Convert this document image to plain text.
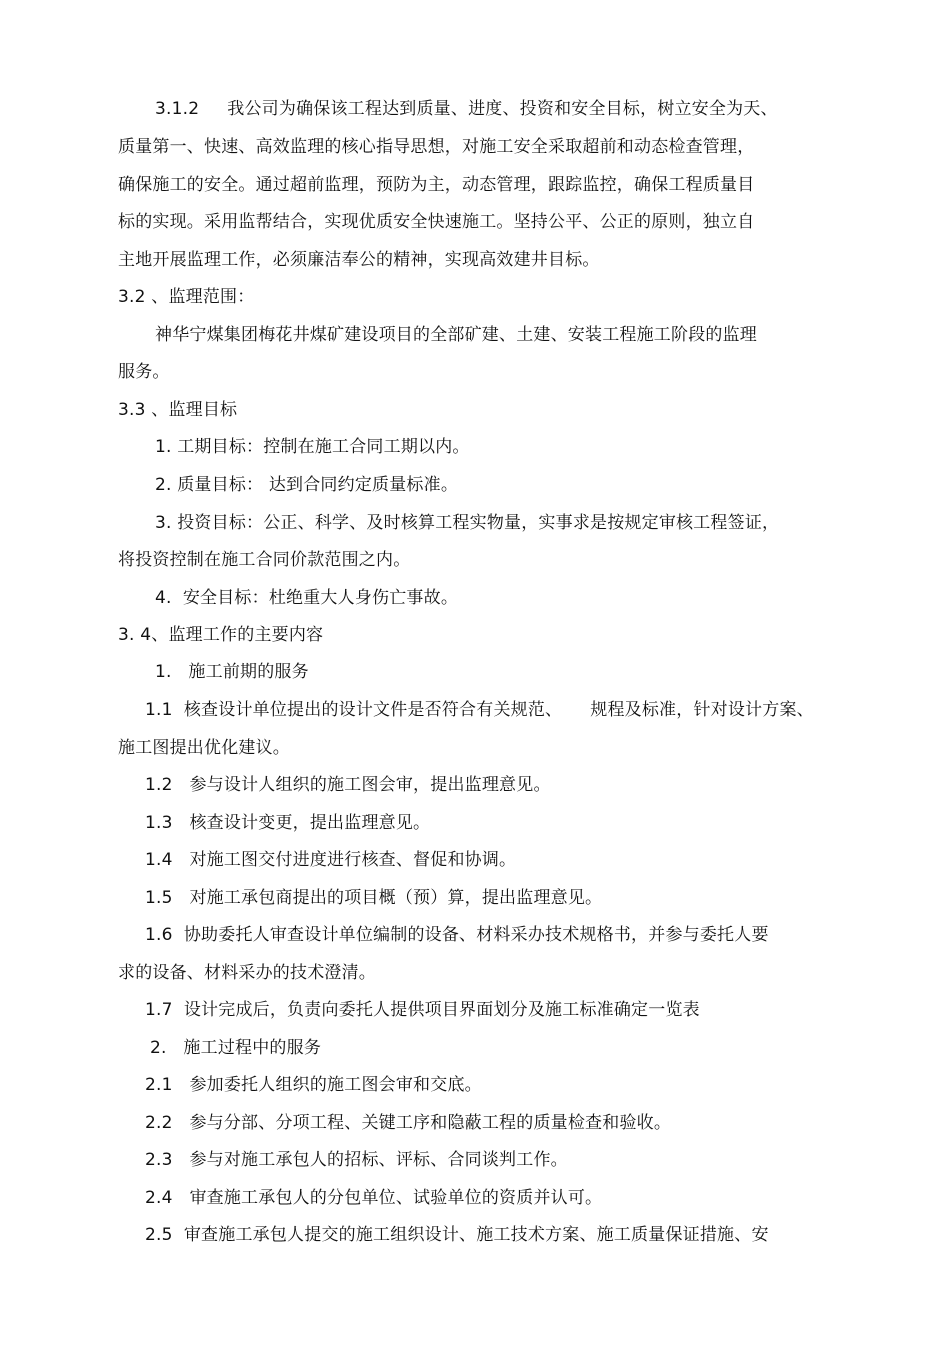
3.1.2     我公司为确保该工程达到质量、进度、投资和安全目标，树立安全为天、
质量第一、快速、高效监理的核心指导思想，对施工安全采取超前和动态检查管理，
确保施工的安全。通过超前监理，预防为主，动态管理，跟踪监控，确保工程质量目
标的实现。采用监帮结合，实现优质安全快速施工。坚持公平、公正的原则，独立自
主地开展监理工作，必须廉洁奉公的精神，实现高效建井目标。
3.2 、监理范围：
神华宁煤集团梅花井煤矿建设项目的全部矿建、土建、安装工程施工阶段的监理
服务。
3.3 、监理目标
1. 工期目标：控制在施工合同工期以内。
2. 质量目标： 达到合同约定质量标准。
3. 投资目标：公正、科学、及时核算工程实物量，实事求是按规定审核工程签证，
将投资控制在施工合同价款范围之内。
4.  安全目标：杜绝重大人身伤亡事故。
3. 4、监理工作的主要内容
1.   施工前期的服务
1.1  核查设计单位提出的设计文件是否符合有关规范、     规程及标准，针对设计方案、
施工图提出优化建议。
1.2   参与设计人组织的施工图会审，提出监理意见。
1.3   核查设计变更，提出监理意见。
1.4   对施工图交付进度进行核查、督促和协调。
1.5   对施工承包商提出的项目概（预）算，提出监理意见。
1.6  协助委托人审查设计单位编制的设备、材料采办技术规格书，并参与委托人要
求的设备、材料采办的技术澄清。
1.7  设计完成后，负责向委托人提供项目界面划分及施工标准确定一览表
2.   施工过程中的服务
2.1   参加委托人组织的施工图会审和交底。
2.2   参与分部、分项工程、关键工序和隐蔽工程的质量检查和验收。
2.3   参与对施工承包人的招标、评标、合同谈判工作。
2.4   审查施工承包人的分包单位、试验单位的资质并认可。
2.5  审查施工承包人提交的施工组织设计、施工技术方案、施工质量保证措施、安
